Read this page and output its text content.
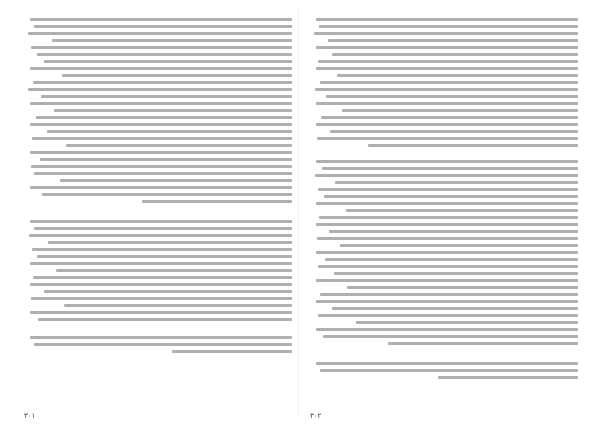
۳۰۱	۳۰۲
